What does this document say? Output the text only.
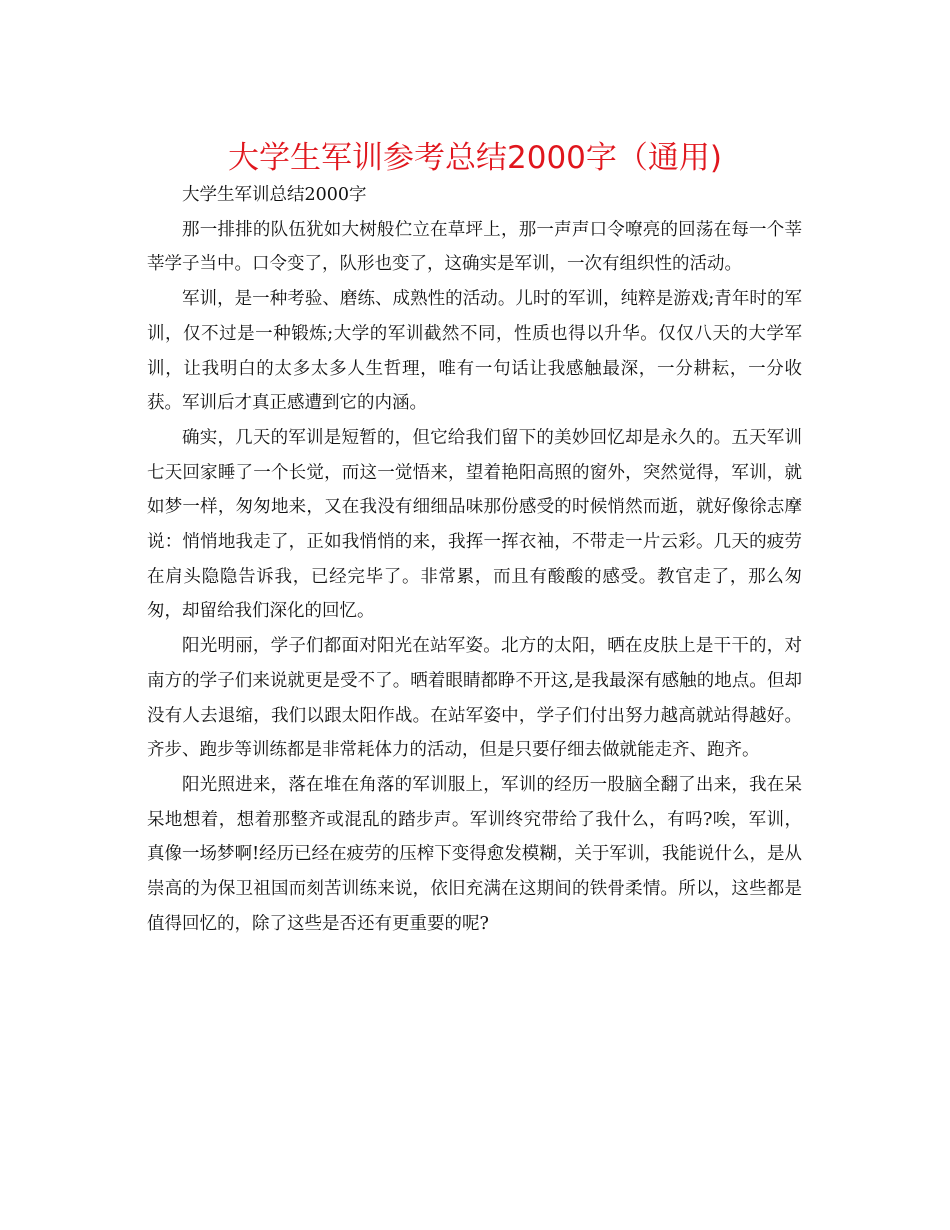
大学生军训参考总结2000字（通用)

大学生军训总结2000字

那一排排的队伍犹如大树般伫立在草坪上，那一声声口令嘹亮的回荡在每一个莘莘学子当中。口令变了，队形也变了，这确实是军训，一次有组织性的活动。

军训，是一种考验、磨练、成熟性的活动。儿时的军训，纯粹是游戏;青年时的军训，仅不过是一种锻炼;大学的军训截然不同，性质也得以升华。仅仅八天的大学军训，让我明白的太多太多人生哲理，唯有一句话让我感触最深，一分耕耘，一分收获。军训后才真正感遭到它的内涵。

确实，几天的军训是短暂的，但它给我们留下的美妙回忆却是永久的。五天军训七天回家睡了一个长觉，而这一觉悟来，望着艳阳高照的窗外，突然觉得，军训，就如梦一样，匆匆地来，又在我没有细细品味那份感受的时候悄然而逝，就好像徐志摩说：悄悄地我走了，正如我悄悄的来，我挥一挥衣袖，不带走一片云彩。几天的疲劳在肩头隐隐告诉我，已经完毕了。非常累，而且有酸酸的感受。教官走了，那么匆匆，却留给我们深化的回忆。

阳光明丽，学子们都面对阳光在站军姿。北方的太阳，晒在皮肤上是干干的，对南方的学子们来说就更是受不了。晒着眼睛都睁不开这,是我最深有感触的地点。但却没有人去退缩，我们以跟太阳作战。在站军姿中，学子们付出努力越高就站得越好。齐步、跑步等训练都是非常耗体力的活动，但是只要仔细去做就能走齐、跑齐。

阳光照进来，落在堆在角落的军训服上，军训的经历一股脑全翻了出来，我在呆呆地想着，想着那整齐或混乱的踏步声。军训终究带给了我什么，有吗?唉，军训，真像一场梦啊!经历已经在疲劳的压榨下变得愈发模糊，关于军训，我能说什么，是从崇高的为保卫祖国而刻苦训练来说，依旧充满在这期间的铁骨柔情。所以，这些都是值得回忆的，除了这些是否还有更重要的呢?
